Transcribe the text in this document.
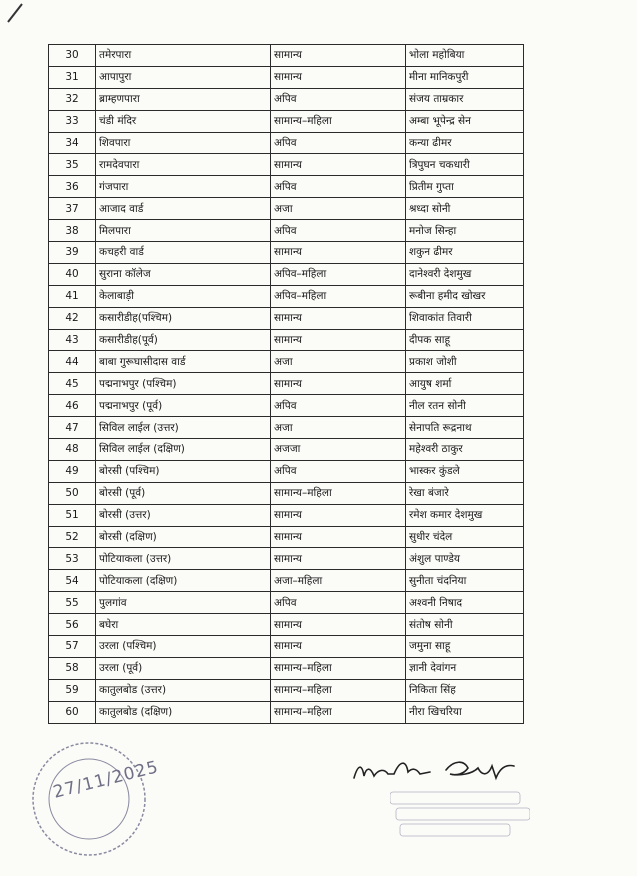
30	तमेरपारा	सामान्य	भोला महोबिया
31	आपापुरा	सामान्य	मीना मानिकपुरी
32	ब्राम्हणपारा	अपिव	संजय ताम्रकार
33	चंडी मंदिर	सामान्य–महिला	अम्बा भूपेन्द्र सेन
34	शिवपारा	अपिव	कन्या ढीमर
35	रामदेवपारा	सामान्य	त्रिपुघन चकधारी
36	गंजपारा	अपिव	प्रितीम गुप्ता
37	आजाद वार्ड	अजा	श्रध्दा सोनी
38	मिलपारा	अपिव	मनोज सिन्हा
39	कचहरी वार्ड	सामान्य	शकुन ढीमर
40	सुराना कॉलेज	अपिव–महिला	दानेश्वरी देशमुख
41	केलाबाड़ी	अपिव–महिला	रूबीना हमीद खोखर
42	कसारीडीह(पश्चिम)	सामान्य	शिवाकांत तिवारी
43	कसारीडीह(पूर्व)	सामान्य	दीपक साहू
44	बाबा गुरूघासीदास वार्ड	अजा	प्रकाश जोशी
45	पद्मनाभपुर (पश्चिम)	सामान्य	आयुष शर्मा
46	पद्मनाभपुर (पूर्व)	अपिव	नील रतन सोनी
47	सिविल लाईल (उत्तर)	अजा	सेनापति रूद्रनाथ
48	सिविल लाईल (दक्षिण)	अजजा	महेश्वरी ठाकुर
49	बोरसी (पश्चिम)	अपिव	भास्कर कुंडले
50	बोरसी (पूर्व)	सामान्य–महिला	रेखा बंजारे
51	बोरसी (उत्तर)	सामान्य	रमेश कमार देशमुख
52	बोरसी (दक्षिण)	सामान्य	सुधीर चंदेल
53	पोटियाकला (उत्तर)	सामान्य	अंशुल पाण्डेय
54	पोटियाकला (दक्षिण)	अजा–महिला	सुनीता चंदनिया
55	पुलगांव	अपिव	अश्वनी निषाद
56	बघेरा	सामान्य	संतोष सोनी
57	उरला (पश्चिम)	सामान्य	जमुना साहू
58	उरला (पूर्व)	सामान्य–महिला	ज्ञानी देवांगन
59	कातुलबोड (उत्तर)	सामान्य–महिला	निकिता सिंह
60	कातुलबोड (दक्षिण)	सामान्य–महिला	नीरा खिचरिया
27/11/2025
